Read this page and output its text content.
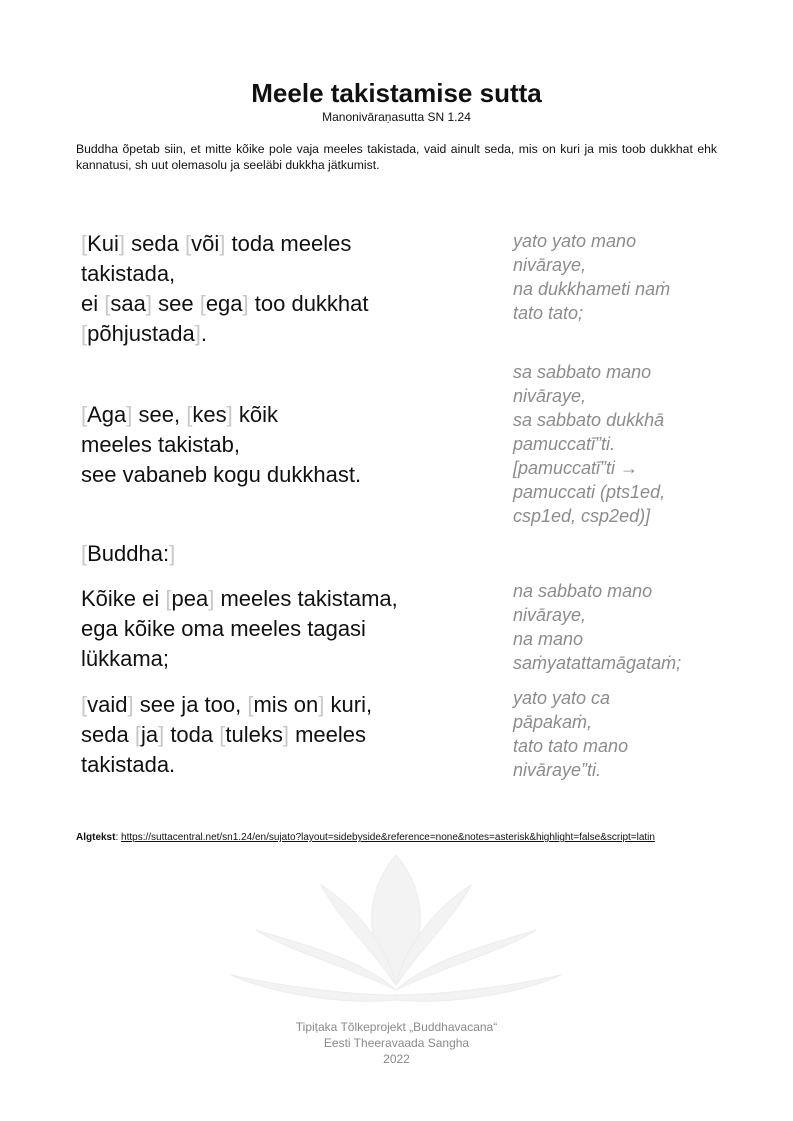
Meele takistamise sutta
Manonivāraṇasutta SN 1.24

Buddha õpetab siin, et mitte kõike pole vaja meeles takistada, vaid ainult seda, mis on kuri ja mis toob dukkhat ehk kannatusi, sh uut olemasolu ja seeläbi dukkha jätkumist.

[Kui] seda [või] toda meeles
takistada,
ei [saa] see [ega] too dukkhat
[põhjustada].
yato yato mano
nivāraye,
na dukkhameti naṁ
tato tato;
[Aga] see, [kes] kõik
meeles takistab,
see vabaneb kogu dukkhast.
sa sabbato mano
nivāraye,
sa sabbato dukkhā
pamuccatī”ti.
[pamuccatī”ti →
pamuccati (pts1ed,
csp1ed, csp2ed)]
[Buddha:]
Kõike ei [pea] meeles takistama,
ega kõike oma meeles tagasi
lükkama;
na sabbato mano
nivāraye,
na mano
saṁyatattamāgataṁ;
[vaid] see ja too, [mis on] kuri,
seda [ja] toda [tuleks] meeles
takistada.
yato yato ca
pāpakaṁ,
tato tato mano
nivāraye”ti.
Algtekst: https://suttacentral.net/sn1.24/en/sujato?layout=sidebyside&reference=none&notes=asterisk&highlight=false&script=latin
Tipiṭaka Tõlkeprojekt „Buddhavacana“
Eesti Theeravaada Sangha
2022
